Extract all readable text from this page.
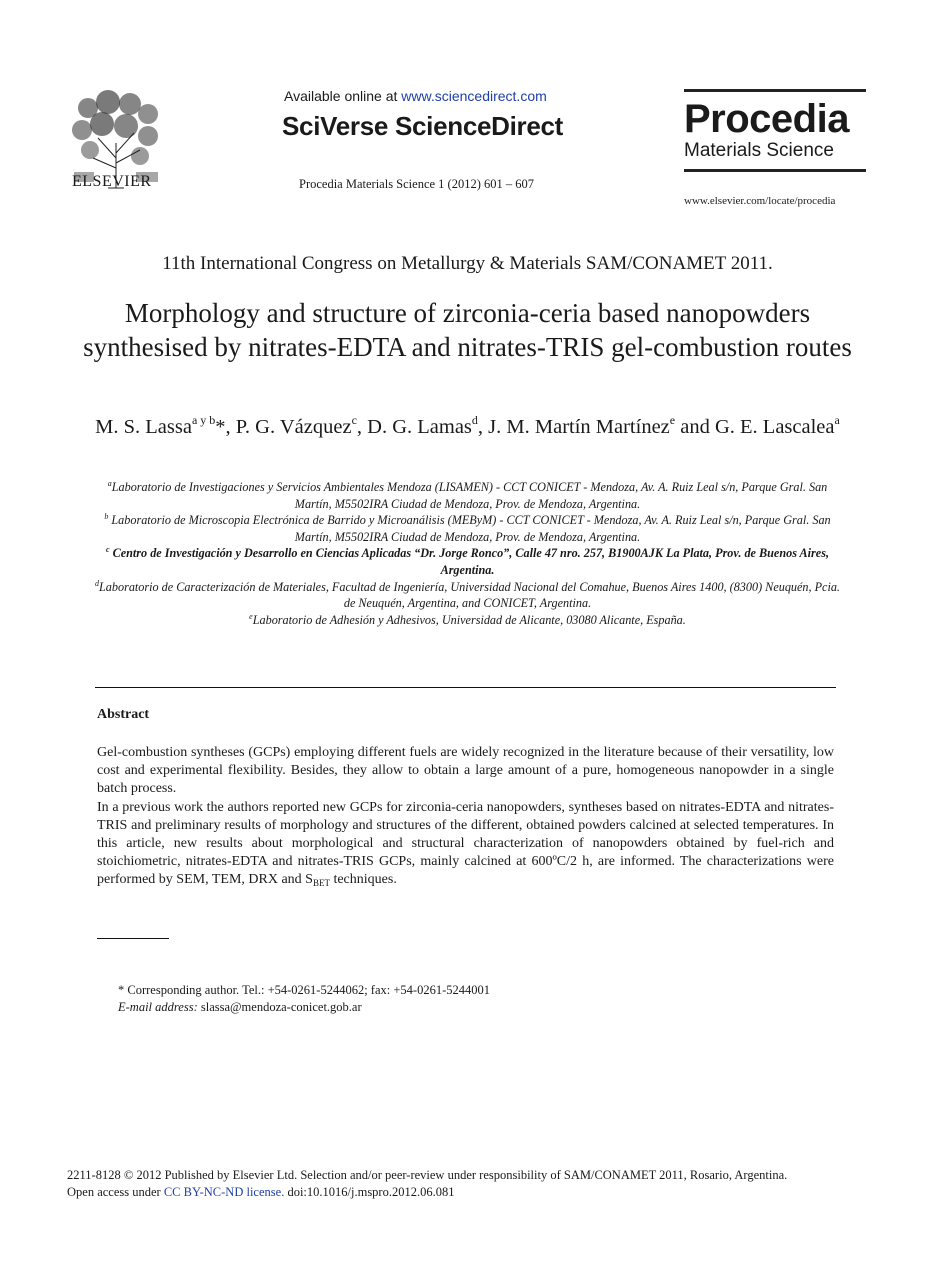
ELSEVIER
Available online at www.sciencedirect.com
SciVerse ScienceDirect
Procedia Materials Science 1 (2012) 601 – 607
Procedia
Materials Science
www.elsevier.com/locate/procedia
11th International Congress on Metallurgy & Materials SAM/CONAMET 2011.
Morphology and structure of zirconia-ceria based nanopowders synthesised by nitrates-EDTA and nitrates-TRIS gel-combustion routes
M. S. Lassa$^{a y b}$*, P. G. Vázquez$^c$, D. G. Lamas$^d$, J. M. Martín Martínez$^e$ and G. E. Lascalea$^a$

$^a$Laboratorio de Investigaciones y Servicios Ambientales Mendoza (LISAMEN) - CCT CONICET - Mendoza, Av. A. Ruiz Leal s/n, Parque Gral. San Martín, M5502IRA Ciudad de Mendoza, Prov. de Mendoza, Argentina.

$^b$ Laboratorio de Microscopia Electrónica de Barrido y Microanálisis (MEByM) - CCT CONICET - Mendoza, Av. A. Ruiz Leal s/n, Parque Gral. San Martín, M5502IRA Ciudad de Mendoza, Prov. de Mendoza, Argentina.

$^c$ Centro de Investigación y Desarrollo en Ciencias Aplicadas “Dr. Jorge Ronco”, Calle 47 nro. 257, B1900AJK La Plata, Prov. de Buenos Aires, Argentina.

$^d$Laboratorio de Caracterización de Materiales, Facultad de Ingeniería, Universidad Nacional del Comahue, Buenos Aires 1400, (8300) Neuquén, Pcia. de Neuquén, Argentina, and CONICET, Argentina.

$^e$Laboratorio de Adhesión y Adhesivos, Universidad de Alicante, 03080 Alicante, España.

Abstract

Gel-combustion syntheses (GCPs) employing different fuels are widely recognized in the literature because of their versatility, low cost and experimental flexibility. Besides, they allow to obtain a large amount of a pure, homogeneous nanopowder in a single batch process.

In a previous work the authors reported new GCPs for zirconia-ceria nanopowders, syntheses based on nitrates-EDTA and nitrates-TRIS and preliminary results of morphology and structures of the different, obtained powders calcined at selected temperatures. In this article, new results about morphological and structural characterization of nanopowders obtained by fuel-rich and stoichiometric, nitrates-EDTA and nitrates-TRIS GCPs, mainly calcined at 600ºC/2 h, are informed. The characterizations were performed by SEM, TEM, DRX and $S_{BET}$ techniques.

* Corresponding author. Tel.: +54-0261-5244062; fax: +54-0261-5244001
E-mail address: slassa@mendoza-conicet.gob.ar
2211-8128 © 2012 Published by Elsevier Ltd. Selection and/or peer-review under responsibility of SAM/CONAMET 2011, Rosario, Argentina.
Open access under CC BY-NC-ND license. doi:10.1016/j.mspro.2012.06.081
